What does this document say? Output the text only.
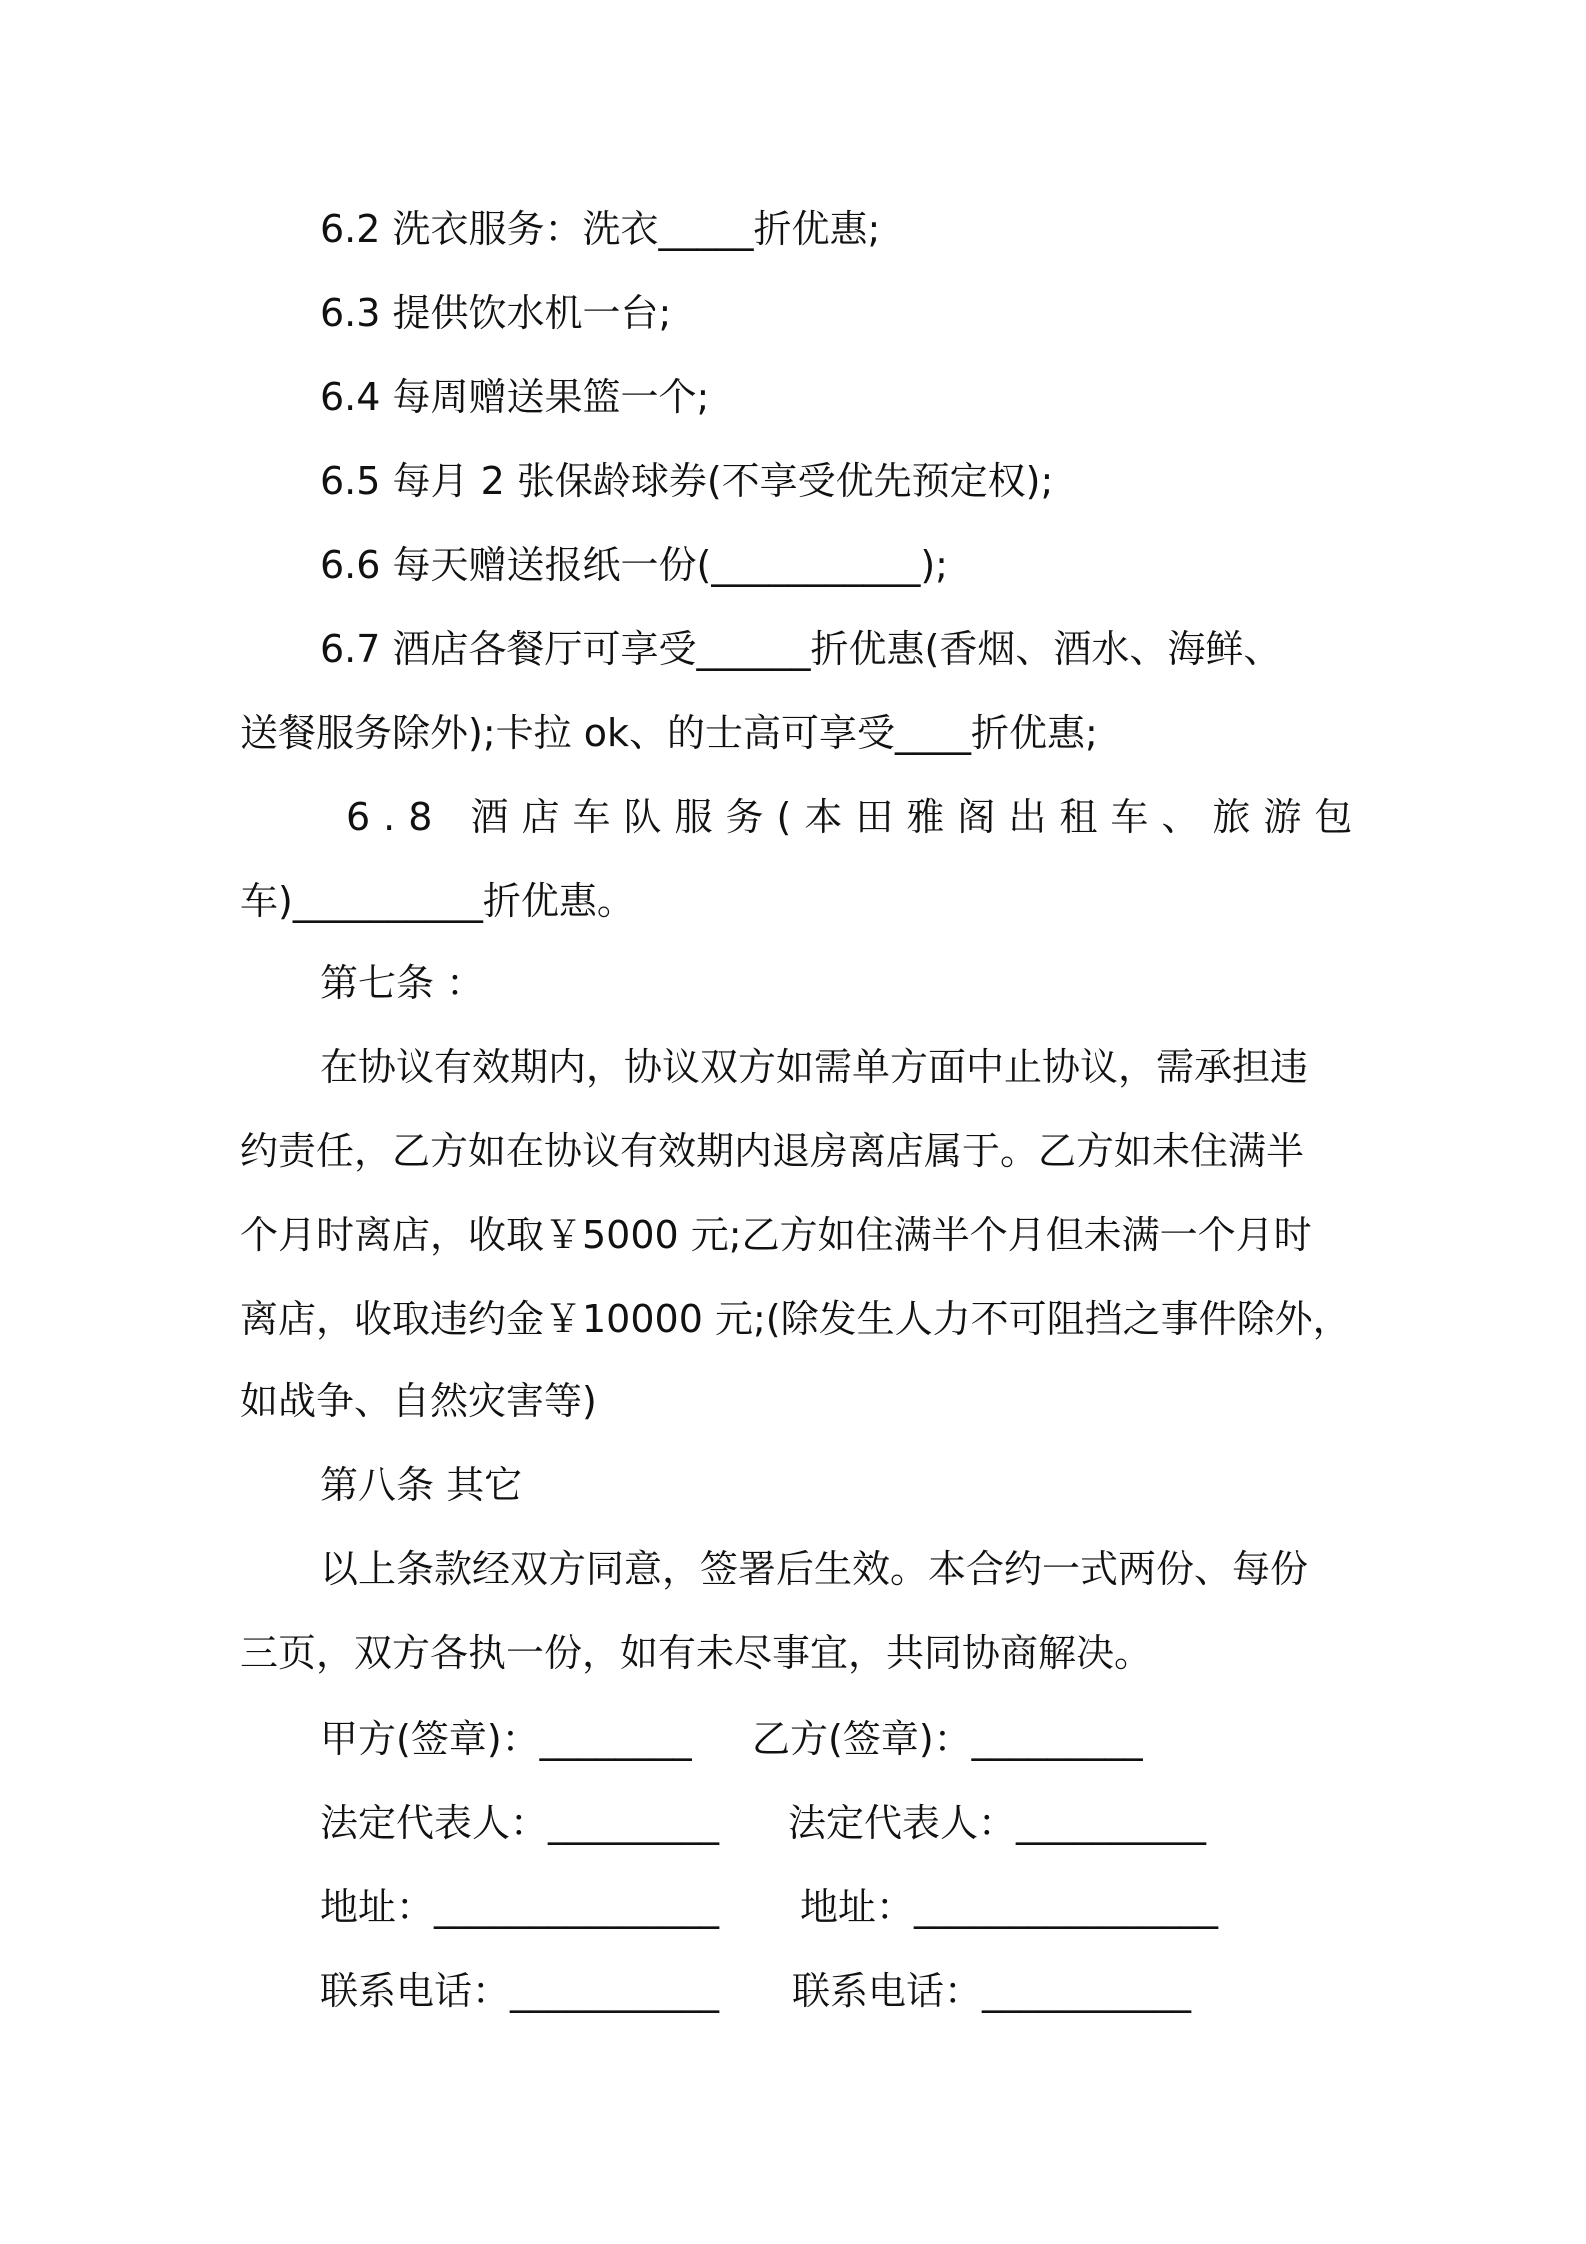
6.2 洗衣服务：洗衣_____折优惠;
6.3 提供饮水机一台;
6.4 每周赠送果篮一个;
6.5 每月 2 张保龄球券(不享受优先预定权);
6.6 每天赠送报纸一份(___________);
6.7 酒店各餐厅可享受______折优惠(香烟、酒水、海鲜、
送餐服务除外);卡拉 ok、的士高可享受____折优惠;
6.8 酒店车队服务(本田雅阁出租车、旅游包
车)__________折优惠。
第七条 ：
在协议有效期内，协议双方如需单方面中止协议，需承担违
约责任，乙方如在协议有效期内退房离店属于。乙方如未住满半
个月时离店，收取￥5000 元;乙方如住满半个月但未满一个月时
离店，收取违约金￥10000 元;(除发生人力不可阻挡之事件除外，
如战争、自然灾害等)
第八条 其它
以上条款经双方同意，签署后生效。本合约一式两份、每份
三页，双方各执一份，如有未尽事宜，共同协商解决。
甲方(签章)：________ 乙方(签章)：_________
法定代表人：_________ 法定代表人：__________
地址：_______________ 地址：________________
联系电话：___________ 联系电话：___________
